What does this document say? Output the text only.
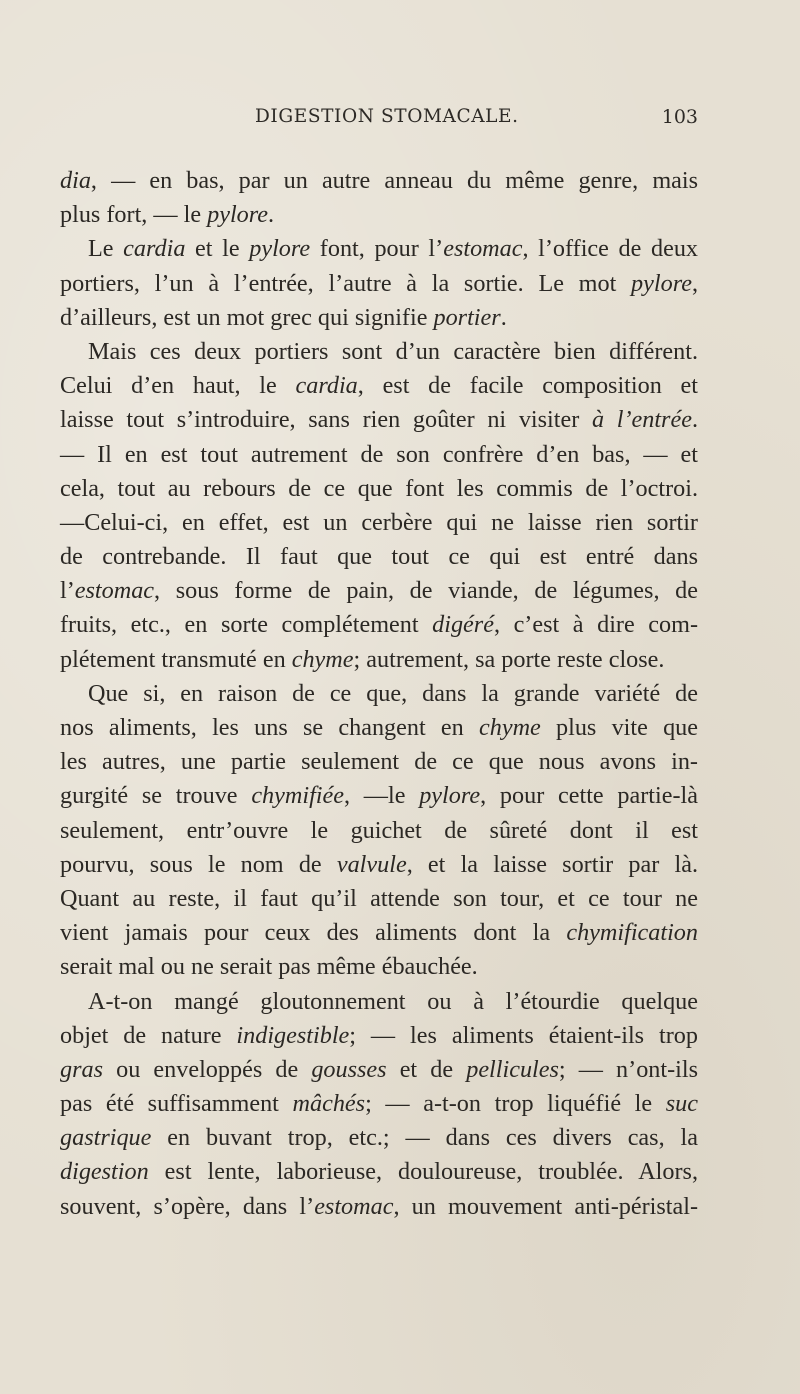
DIGESTION STOMACALE.	103
dia, — en bas, par un autre anneau du même genre, mais
plus fort, — le pylore.
Le cardia et le pylore font, pour l’estomac, l’office de deux
portiers, l’un à l’entrée, l’autre à la sortie. Le mot pylore,
d’ailleurs, est un mot grec qui signifie portier.
Mais ces deux portiers sont d’un caractère bien différent.
Celui d’en haut, le cardia, est de facile composition et
laisse tout s’introduire, sans rien goûter ni visiter à l’entrée.
— Il en est tout autrement de son confrère d’en bas, — et
cela, tout au rebours de ce que font les commis de l’octroi.
—Celui-ci, en effet, est un cerbère qui ne laisse rien sortir
de contrebande. Il faut que tout ce qui est entré dans
l’estomac, sous forme de pain, de viande, de légumes, de
fruits, etc., en sorte complétement digéré, c’est à dire com-
plétement transmuté en chyme; autrement, sa porte reste close.
Que si, en raison de ce que, dans la grande variété de
nos aliments, les uns se changent en chyme plus vite que
les autres, une partie seulement de ce que nous avons in-
gurgité se trouve chymifiée, —le pylore, pour cette partie-là
seulement, entr’ouvre le guichet de sûreté dont il est
pourvu, sous le nom de valvule, et la laisse sortir par là.
Quant au reste, il faut qu’il attende son tour, et ce tour ne
vient jamais pour ceux des aliments dont la chymification
serait mal ou ne serait pas même ébauchée.
A-t-on mangé gloutonnement ou à l’étourdie quelque
objet de nature indigestible; — les aliments étaient-ils trop
gras ou enveloppés de gousses et de pellicules; — n’ont-ils
pas été suffisamment mâchés; — a-t-on trop liquéfié le suc
gastrique en buvant trop, etc.; — dans ces divers cas, la
digestion est lente, laborieuse, douloureuse, troublée. Alors,
souvent, s’opère, dans l’estomac, un mouvement anti-péristal-
